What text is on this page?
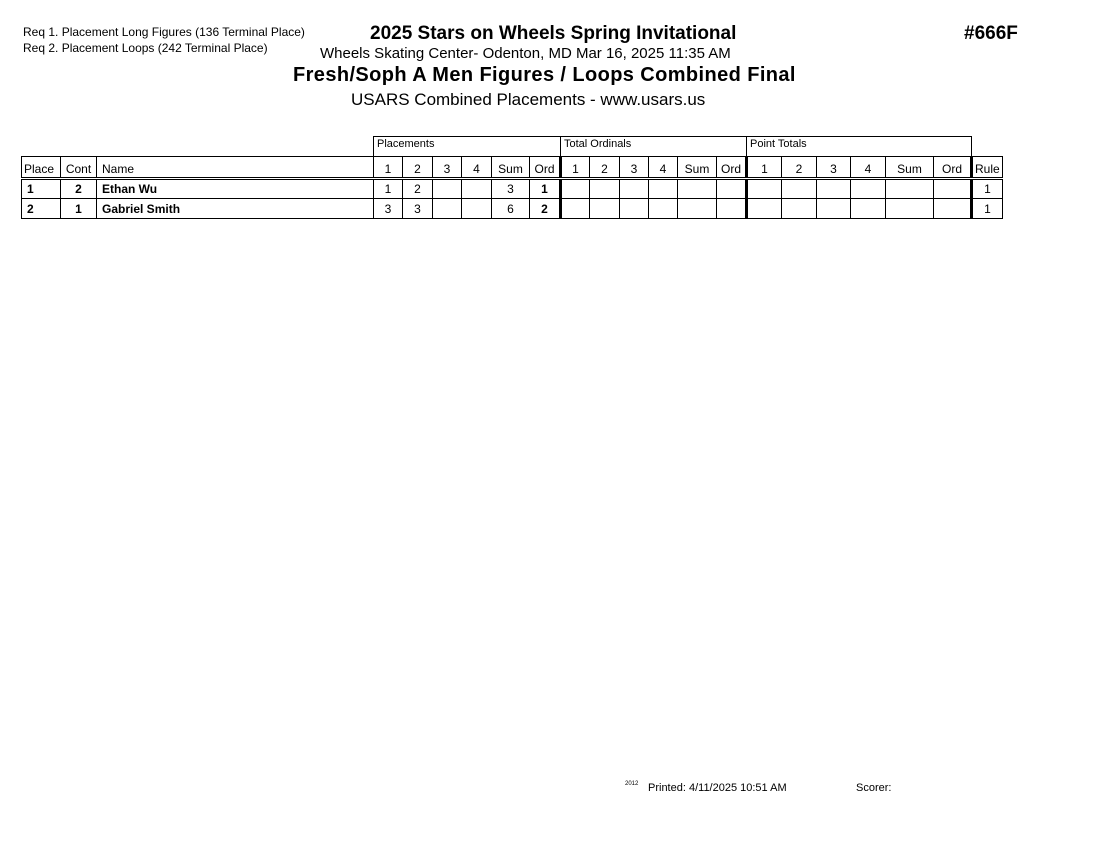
Req 1. Placement Long Figures (136 Terminal Place)
Req 2. Placement Loops (242 Terminal Place)
2025 Stars on Wheels Spring Invitational	#666F
Wheels Skating Center- Odenton, MD Mar 16, 2025 11:35 AM
Fresh/Soph A Men Figures / Loops Combined Final
USARS Combined Placements - www.usars.us
			Placements						Total Ordinals						Point Totals						
Place	Cont	Name	1	2	3	4	Sum	Ord	1	2	3	4	Sum	Ord	1	2	3	4	Sum	Ord	Rule
1	2	Ethan Wu	1	2			3	1													1
2	1	Gabriel Smith	3	3			6	2													1
2012 Printed: 4/11/2025 10:51 AM	Scorer:
